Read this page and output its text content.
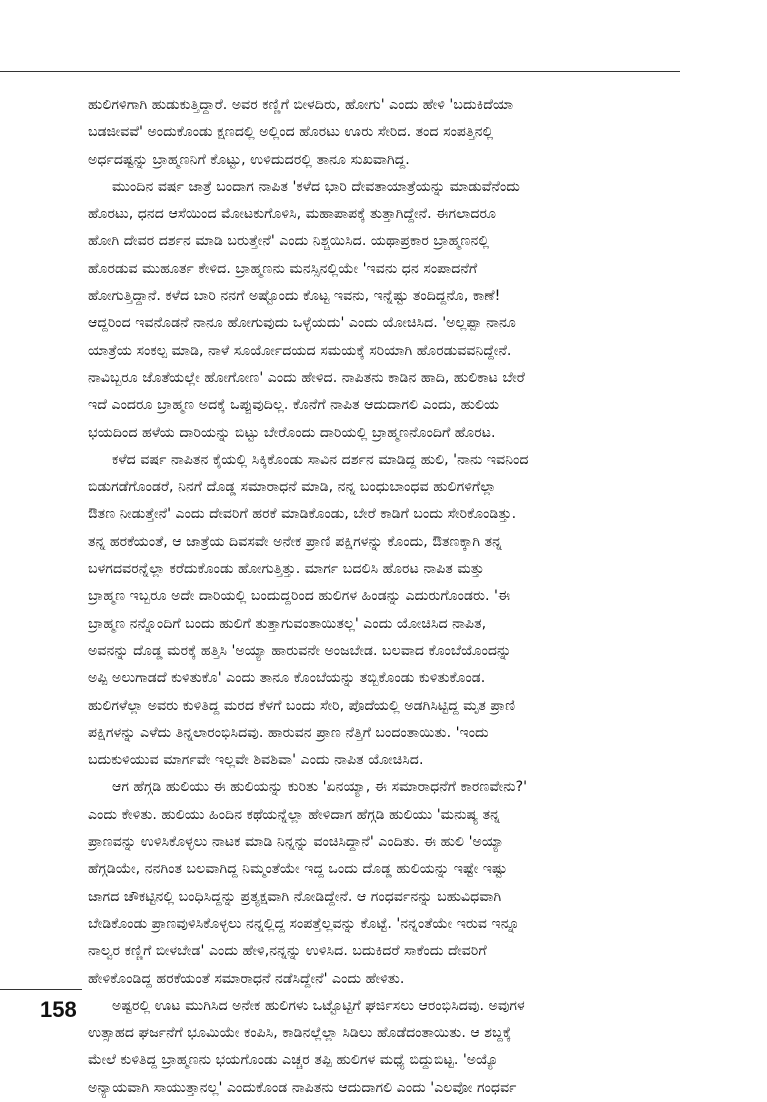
ಹುಲಿಗಳಿಗಾಗಿ ಹುಡುಕುತ್ತಿದ್ದಾರೆ. ಅವರ ಕಣ್ಣಿಗೆ ಬೀಳದಿರು, ಹೋಗು' ಎಂದು ಹೇಳಿ 'ಬದುಕಿದೆಯಾ
ಬಡಜೀವವೆ' ಅಂದುಕೊಂಡು ಕ್ಷಣದಲ್ಲಿ ಅಲ್ಲಿಂದ ಹೊರಟು ಊರು ಸೇರಿದ. ತಂದ ಸಂಪತ್ತಿನಲ್ಲಿ
ಅರ್ಧದಷ್ಟನ್ನು ಬ್ರಾಹ್ಮಣನಿಗೆ ಕೊಟ್ಟು, ಉಳಿದುದರಲ್ಲಿ ತಾನೂ ಸುಖವಾಗಿದ್ದ.
ಮುಂದಿನ ವರ್ಷ ಜಾತ್ರೆ ಬಂದಾಗ ನಾಪಿತ 'ಕಳೆದ ಭಾರಿ ದೇವತಾಯಾತ್ರೆಯನ್ನು ಮಾಡುವೆನೆಂದು
ಹೊರಟು, ಧನದ ಆಸೆಯಿಂದ ಮೋಟಕುಗೊಳಿಸಿ, ಮಹಾಪಾಪಕ್ಕೆ ತುತ್ತಾಗಿದ್ದೇನೆ. ಈಗಲಾದರೂ
ಹೋಗಿ ದೇವರ ದರ್ಶನ ಮಾಡಿ ಬರುತ್ತೇನೆ' ಎಂದು ನಿಶ್ಚಯಿಸಿದ. ಯಥಾಪ್ರಕಾರ ಬ್ರಾಹ್ಮಣನಲ್ಲಿ
ಹೊರಡುವ ಮುಹೂರ್ತ ಕೇಳಿದ. ಬ್ರಾಹ್ಮಣನು ಮನಸ್ಸಿನಲ್ಲಿಯೇ 'ಇವನು ಧನ ಸಂಪಾದನೆಗೆ
ಹೋಗುತ್ತಿದ್ದಾನೆ. ಕಳೆದ ಬಾರಿ ನನಗೆ ಅಷ್ಟೊಂದು ಕೊಟ್ಟ ಇವನು, ಇನ್ನೆಷ್ಟು ತಂದಿದ್ದನೊ, ಕಾಣೆ!
ಆದ್ದರಿಂದ ಇವನೊಡನೆ ನಾನೂ ಹೋಗುವುದು ಒಳ್ಳೆಯದು' ಎಂದು ಯೋಚಿಸಿದ. 'ಅಲ್ಲಪ್ಪಾ ನಾನೂ
ಯಾತ್ರೆಯ ಸಂಕಲ್ಪ ಮಾಡಿ, ನಾಳೆ ಸೂರ್ಯೋದಯದ ಸಮಯಕ್ಕೆ ಸರಿಯಾಗಿ ಹೊರಡುವವನಿದ್ದೇನೆ.
ನಾವಿಬ್ಬರೂ ಜೊತೆಯಲ್ಲೇ ಹೋಗೋಣ' ಎಂದು ಹೇಳಿದ. ನಾಪಿತನು ಕಾಡಿನ ಹಾದಿ, ಹುಲಿಕಾಟ ಬೇರೆ
ಇದೆ ಎಂದರೂ ಬ್ರಾಹ್ಮಣ ಅದಕ್ಕೆ ಒಪ್ಪುವುದಿಲ್ಲ. ಕೊನೆಗೆ ನಾಪಿತ ಆದುದಾಗಲಿ ಎಂದು, ಹುಲಿಯ
ಭಯದಿಂದ ಹಳೆಯ ದಾರಿಯನ್ನು ಬಿಟ್ಟು ಬೇರೊಂದು ದಾರಿಯಲ್ಲಿ ಬ್ರಾಹ್ಮಣನೊಂದಿಗೆ ಹೊರಟ.
ಕಳೆದ ವರ್ಷ ನಾಪಿತನ ಕೈಯಲ್ಲಿ ಸಿಕ್ಕಿಕೊಂಡು ಸಾವಿನ ದರ್ಶನ ಮಾಡಿದ್ದ ಹುಲಿ, 'ನಾನು ಇವನಿಂದ
ಬಿಡುಗಡೆಗೊಂಡರೆ, ನಿನಗೆ ದೊಡ್ಡ ಸಮಾರಾಧನೆ ಮಾಡಿ, ನನ್ನ ಬಂಧುಬಾಂಧವ ಹುಲಿಗಳಿಗೆಲ್ಲಾ
ಔತಣ ನೀಡುತ್ತೇನೆ' ಎಂದು ದೇವರಿಗೆ ಹರಕೆ ಮಾಡಿಕೊಂಡು, ಬೇರೆ ಕಾಡಿಗೆ ಬಂದು ಸೇರಿಕೊಂಡಿತ್ತು.
ತನ್ನ ಹರಕೆಯಂತೆ, ಆ ಜಾತ್ರೆಯ ದಿವಸವೇ ಅನೇಕ ಪ್ರಾಣಿ ಪಕ್ಷಿಗಳನ್ನು ಕೊಂದು, ಔತಣಕ್ಕಾಗಿ ತನ್ನ
ಬಳಗದವರನ್ನೆಲ್ಲಾ ಕರೆದುಕೊಂಡು ಹೋಗುತ್ತಿತ್ತು. ಮಾರ್ಗ ಬದಲಿಸಿ ಹೊರಟ ನಾಪಿತ ಮತ್ತು
ಬ್ರಾಹ್ಮಣ ಇಬ್ಬರೂ ಅದೇ ದಾರಿಯಲ್ಲಿ ಬಂದುದ್ದರಿಂದ ಹುಲಿಗಳ ಹಿಂಡನ್ನು ಎದುರುಗೊಂಡರು. 'ಈ
ಬ್ರಾಹ್ಮಣ ನನ್ನೊಂದಿಗೆ ಬಂದು ಹುಲಿಗೆ ತುತ್ತಾಗುವಂತಾಯಿತಲ್ಲ' ಎಂದು ಯೋಚಿಸಿದ ನಾಪಿತ,
ಅವನನ್ನು ದೊಡ್ಡ ಮರಕ್ಕೆ ಹತ್ತಿಸಿ 'ಅಯ್ಯಾ ಹಾರುವನೇ ಅಂಜಬೇಡ. ಬಲವಾದ ಕೊಂಬೆಯೊಂದನ್ನು
ಅಪ್ಪಿ ಅಲುಗಾಡದೆ ಕುಳಿತುಕೊ' ಎಂದು ತಾನೂ ಕೊಂಬೆಯನ್ನು ತಬ್ಬಿಕೊಂಡು ಕುಳಿತುಕೊಂಡ.
ಹುಲಿಗಳೆಲ್ಲಾ ಅವರು ಕುಳಿತಿದ್ದ ಮರದ ಕೆಳಗೆ ಬಂದು ಸೇರಿ, ಪೊದೆಯಲ್ಲಿ ಅಡಗಿಸಿಟ್ಟಿದ್ದ ಮೃತ ಪ್ರಾಣಿ
ಪಕ್ಷಿಗಳನ್ನು ಎಳೆದು ತಿನ್ನಲಾರಂಭಿಸಿದವು. ಹಾರುವನ ಪ್ರಾಣ ನೆತ್ತಿಗೆ ಬಂದಂತಾಯಿತು. 'ಇಂದು
ಬದುಕುಳಿಯುವ ಮಾರ್ಗವೇ ಇಲ್ಲವೇ ಶಿವಶಿವಾ' ಎಂದು ನಾಪಿತ ಯೋಚಿಸಿದ.
ಆಗ ಹೆಗ್ಗಡಿ ಹುಲಿಯು ಈ ಹುಲಿಯನ್ನು ಕುರಿತು 'ಏನಯ್ಯಾ, ಈ ಸಮಾರಾಧನೆಗೆ ಕಾರಣವೇನು?'
ಎಂದು ಕೇಳಿತು. ಹುಲಿಯು ಹಿಂದಿನ ಕಥೆಯನ್ನೆಲ್ಲಾ ಹೇಳಿದಾಗ ಹೆಗ್ಗಡಿ ಹುಲಿಯು 'ಮನುಷ್ಯ ತನ್ನ
ಪ್ರಾಣವನ್ನು ಉಳಿಸಿಕೊಳ್ಳಲು ನಾಟಕ ಮಾಡಿ ನಿನ್ನನ್ನು ವಂಚಿಸಿದ್ದಾನೆ' ಎಂದಿತು. ಈ ಹುಲಿ 'ಅಯ್ಯಾ
ಹೆಗ್ಗಡಿಯೇ, ನನಗಿಂತ ಬಲವಾಗಿದ್ದ ನಿಮ್ಮಂತೆಯೇ ಇದ್ದ ಒಂದು ದೊಡ್ಡ ಹುಲಿಯನ್ನು ಇಷ್ಟೇ ಇಷ್ಟು
ಜಾಗದ ಚೌಕಟ್ಟಿನಲ್ಲಿ ಬಂಧಿಸಿದ್ದನ್ನು ಪ್ರತ್ಯಕ್ಷವಾಗಿ ನೋಡಿದ್ದೇನೆ. ಆ ಗಂಧರ್ವನನ್ನು ಬಹುವಿಧವಾಗಿ
ಬೇಡಿಕೊಂಡು ಪ್ರಾಣವುಳಿಸಿಕೊಳ್ಳಲು ನನ್ನಲ್ಲಿದ್ದ ಸಂಪತ್ತೆಲ್ಲವನ್ನು ಕೊಟ್ಟೆ. 'ನನ್ನಂತೆಯೇ ಇರುವ ಇನ್ನೂ
ನಾಲ್ವರ ಕಣ್ಣಿಗೆ ಬೀಳಬೇಡ' ಎಂದು ಹೇಳಿ,ನನ್ನನ್ನು ಉಳಿಸಿದ. ಬದುಕಿದರೆ ಸಾಕೆಂದು ದೇವರಿಗೆ
ಹೇಳಿಕೊಂಡಿದ್ದ ಹರಕೆಯಂತೆ ಸಮಾರಾಧನೆ ನಡೆಸಿದ್ದೇನೆ' ಎಂದು ಹೇಳಿತು.
ಅಷ್ಟರಲ್ಲಿ ಊಟ ಮುಗಿಸಿದ ಅನೇಕ ಹುಲಿಗಳು ಒಟ್ಟೊಟ್ಟಿಗೆ ಘರ್ಜಿಸಲು ಆರಂಭಿಸಿದವು. ಅವುಗಳ
ಉತ್ಸಾಹದ ಘರ್ಜನೆಗೆ ಭೂಮಿಯೇ ಕಂಪಿಸಿ, ಕಾಡಿನಲ್ಲೆಲ್ಲಾ ಸಿಡಿಲು ಹೊಡೆದಂತಾಯಿತು. ಆ ಶಬ್ದಕ್ಕೆ
ಮೇಲೆ ಕುಳಿತಿದ್ದ ಬ್ರಾಹ್ಮಣನು ಭಯಗೊಂಡು ಎಚ್ಚರ ತಪ್ಪಿ ಹುಲಿಗಳ ಮಧ್ಯೆ ಬಿದ್ದುಬಿಟ್ಟ. 'ಅಯ್ಯೊ
ಅನ್ಯಾಯವಾಗಿ ಸಾಯುತ್ತಾನಲ್ಲ' ಎಂದುಕೊಂಡ ನಾಪಿತನು ಆದುದಾಗಲಿ ಎಂದು 'ಎಲವೋ ಗಂಧರ್ವ
158
